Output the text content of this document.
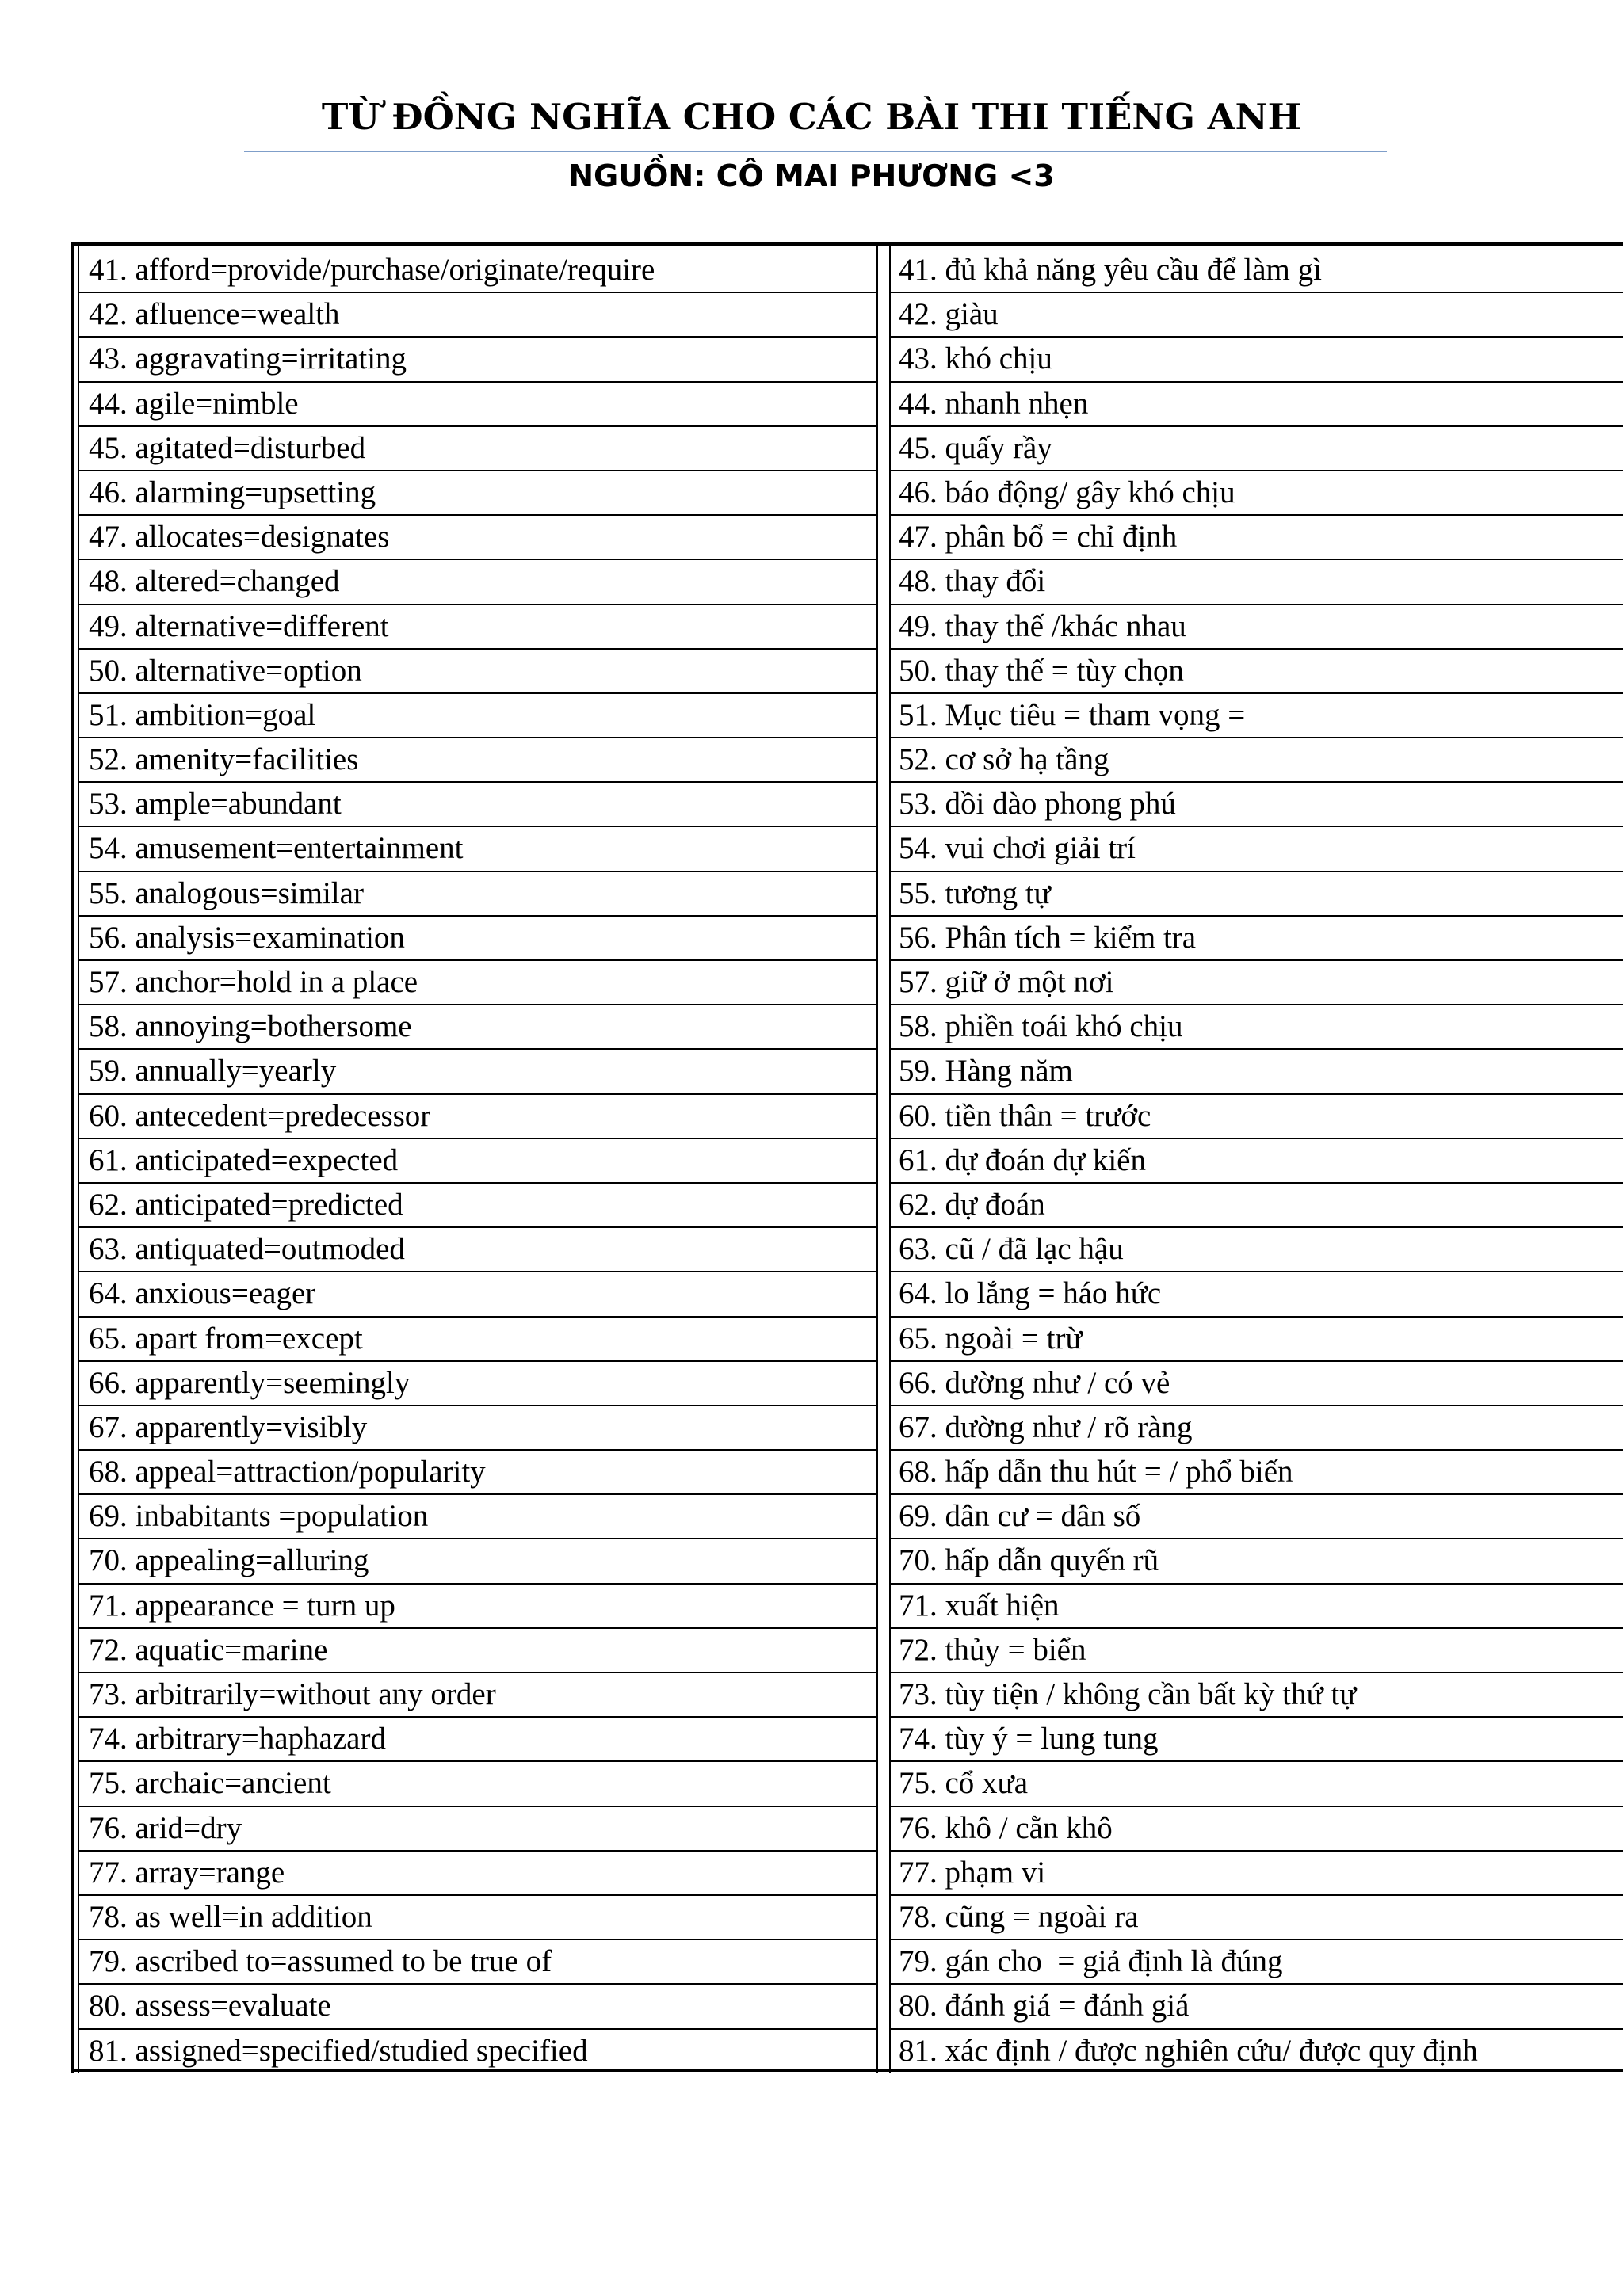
TỪ ĐỒNG NGHĨA CHO CÁC BÀI THI TIẾNG ANH
NGUỒN: CÔ MAI PHƯƠNG <3
41. afford=provide/purchase/originate/require	41. đủ khả năng yêu cầu để làm gì
42. afluence=wealth	42. giàu
43. aggravating=irritating	43. khó chịu
44. agile=nimble	44. nhanh nhẹn
45. agitated=disturbed	45. quấy rầy
46. alarming=upsetting	46. báo động/ gây khó chịu
47. allocates=designates	47. phân bổ = chỉ định
48. altered=changed	48. thay đổi
49. alternative=different	49. thay thế /khác nhau
50. alternative=option	50. thay thế = tùy chọn
51. ambition=goal	51. Mục tiêu = tham vọng =
52. amenity=facilities	52. cơ sở hạ tầng
53. ample=abundant	53. dồi dào phong phú
54. amusement=entertainment	54. vui chơi giải trí
55. analogous=similar	55. tương tự
56. analysis=examination	56. Phân tích = kiểm tra
57. anchor=hold in a place	57. giữ ở một nơi
58. annoying=bothersome	58. phiền toái khó chịu
59. annually=yearly	59. Hàng năm
60. antecedent=predecessor	60. tiền thân = trước
61. anticipated=expected	61. dự đoán dự kiến
62. anticipated=predicted	62. dự đoán
63. antiquated=outmoded	63. cũ / đã lạc hậu
64. anxious=eager	64. lo lắng = háo hức
65. apart from=except	65. ngoài = trừ
66. apparently=seemingly	66. dường như / có vẻ
67. apparently=visibly	67. dường như / rõ ràng
68. appeal=attraction/popularity	68. hấp dẫn thu hút = / phổ biến
69. inbabitants =population	69. dân cư = dân số
70. appealing=alluring	70. hấp dẫn quyến rũ
71. appearance = turn up	71. xuất hiện
72. aquatic=marine	72. thủy = biển
73. arbitrarily=without any order	73. tùy tiện / không cần bất kỳ thứ tự
74. arbitrary=haphazard	74. tùy ý = lung tung
75. archaic=ancient	75. cổ xưa
76. arid=dry	76. khô / cằn khô
77. array=range	77. phạm vi
78. as well=in addition	78. cũng = ngoài ra
79. ascribed to=assumed to be true of	79. gán cho  = giả định là đúng
80. assess=evaluate	80. đánh giá = đánh giá
81. assigned=specified/studied specified	81. xác định / được nghiên cứu/ được quy định
